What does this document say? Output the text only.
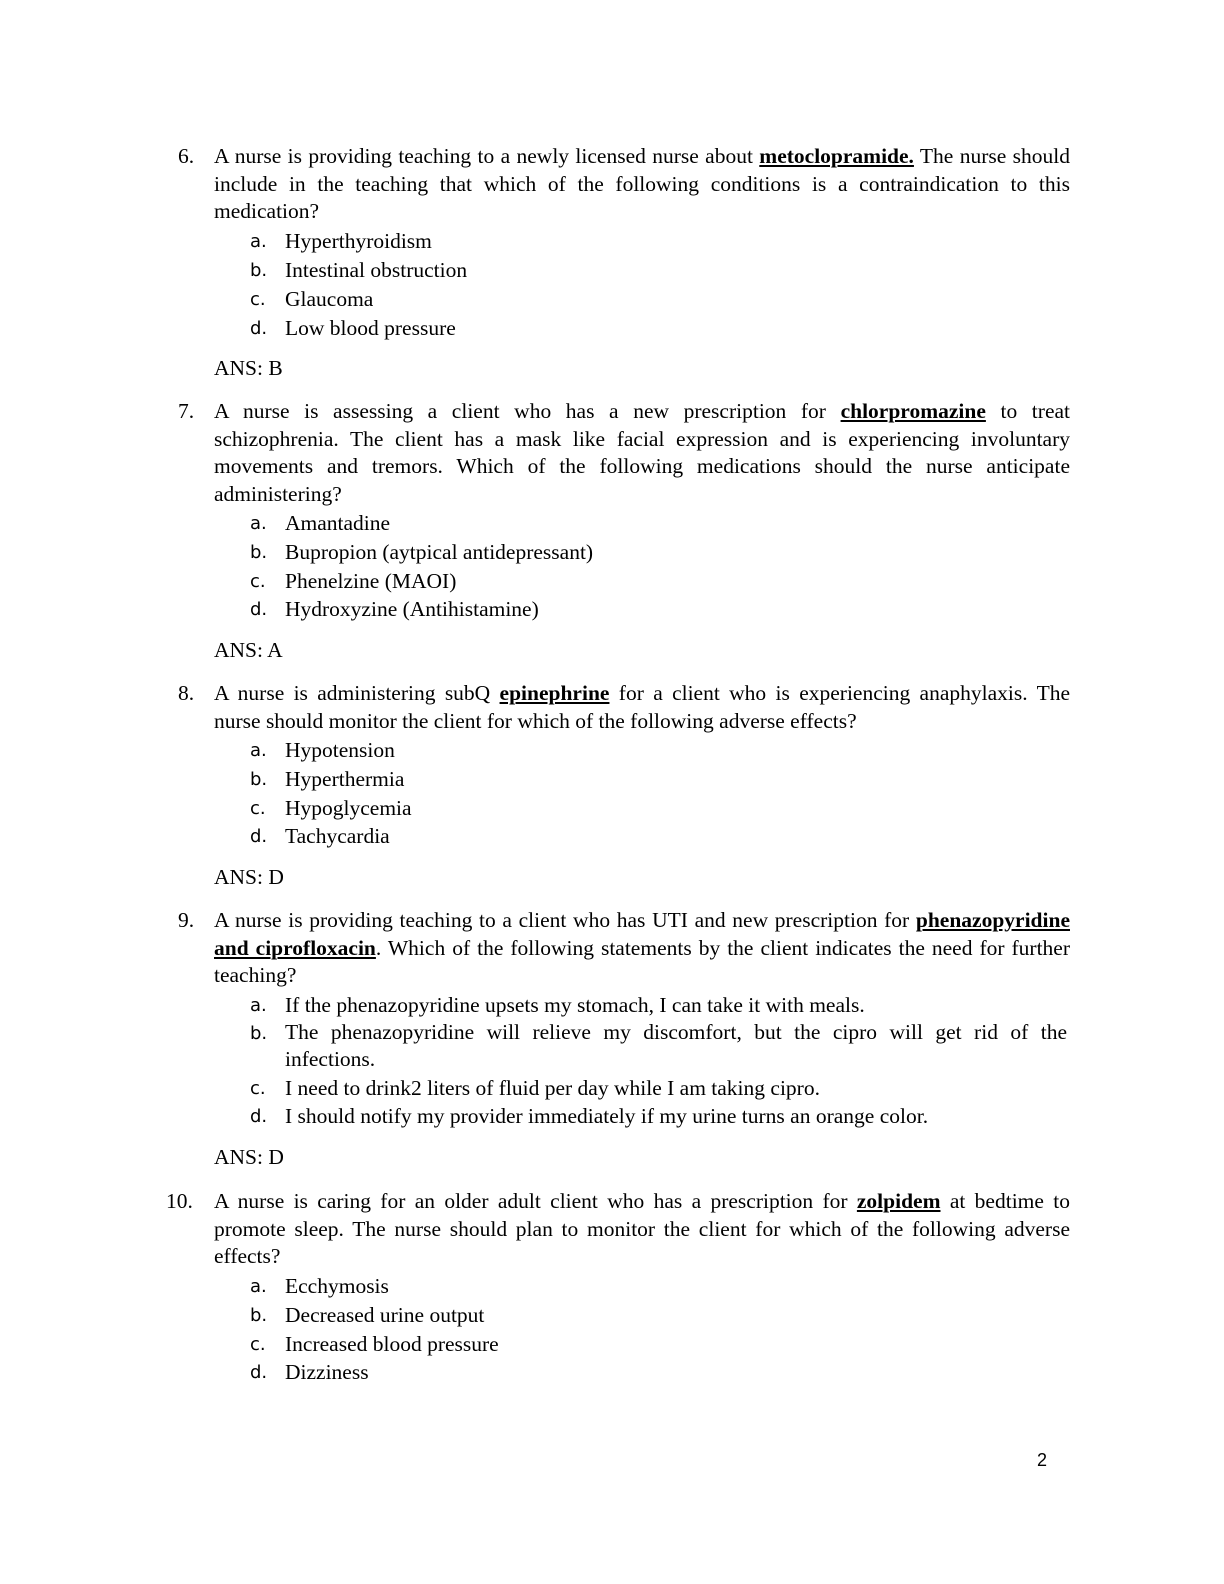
6. A nurse is providing teaching to a newly licensed nurse about metoclopramide. The nurse should include in the teaching that which of the following conditions is a contraindication to this medication?
a. Hyperthyroidism
b. Intestinal obstruction
c. Glaucoma
d. Low blood pressure
ANS: B
7. A nurse is assessing a client who has a new prescription for chlorpromazine to treat schizophrenia. The client has a mask like facial expression and is experiencing involuntary movements and tremors. Which of the following medications should the nurse anticipate administering?
a. Amantadine
b. Bupropion (aytpical antidepressant)
c. Phenelzine (MAOI)
d. Hydroxyzine (Antihistamine)
ANS: A
8. A nurse is administering subQ epinephrine for a client who is experiencing anaphylaxis. The nurse should monitor the client for which of the following adverse effects?
a. Hypotension
b. Hyperthermia
c. Hypoglycemia
d. Tachycardia
ANS: D
9. A nurse is providing teaching to a client who has UTI and new prescription for phenazopyridine and ciprofloxacin. Which of the following statements by the client indicates the need for further teaching?
a. If the phenazopyridine upsets my stomach, I can take it with meals.
b. The phenazopyridine will relieve my discomfort, but the cipro will get rid of the infections.
c. I need to drink2 liters of fluid per day while I am taking cipro.
d. I should notify my provider immediately if my urine turns an orange color.
ANS: D
10. A nurse is caring for an older adult client who has a prescription for zolpidem at bedtime to promote sleep. The nurse should plan to monitor the client for which of the following adverse effects?
a. Ecchymosis
b. Decreased urine output
c. Increased blood pressure
d. Dizziness
2
